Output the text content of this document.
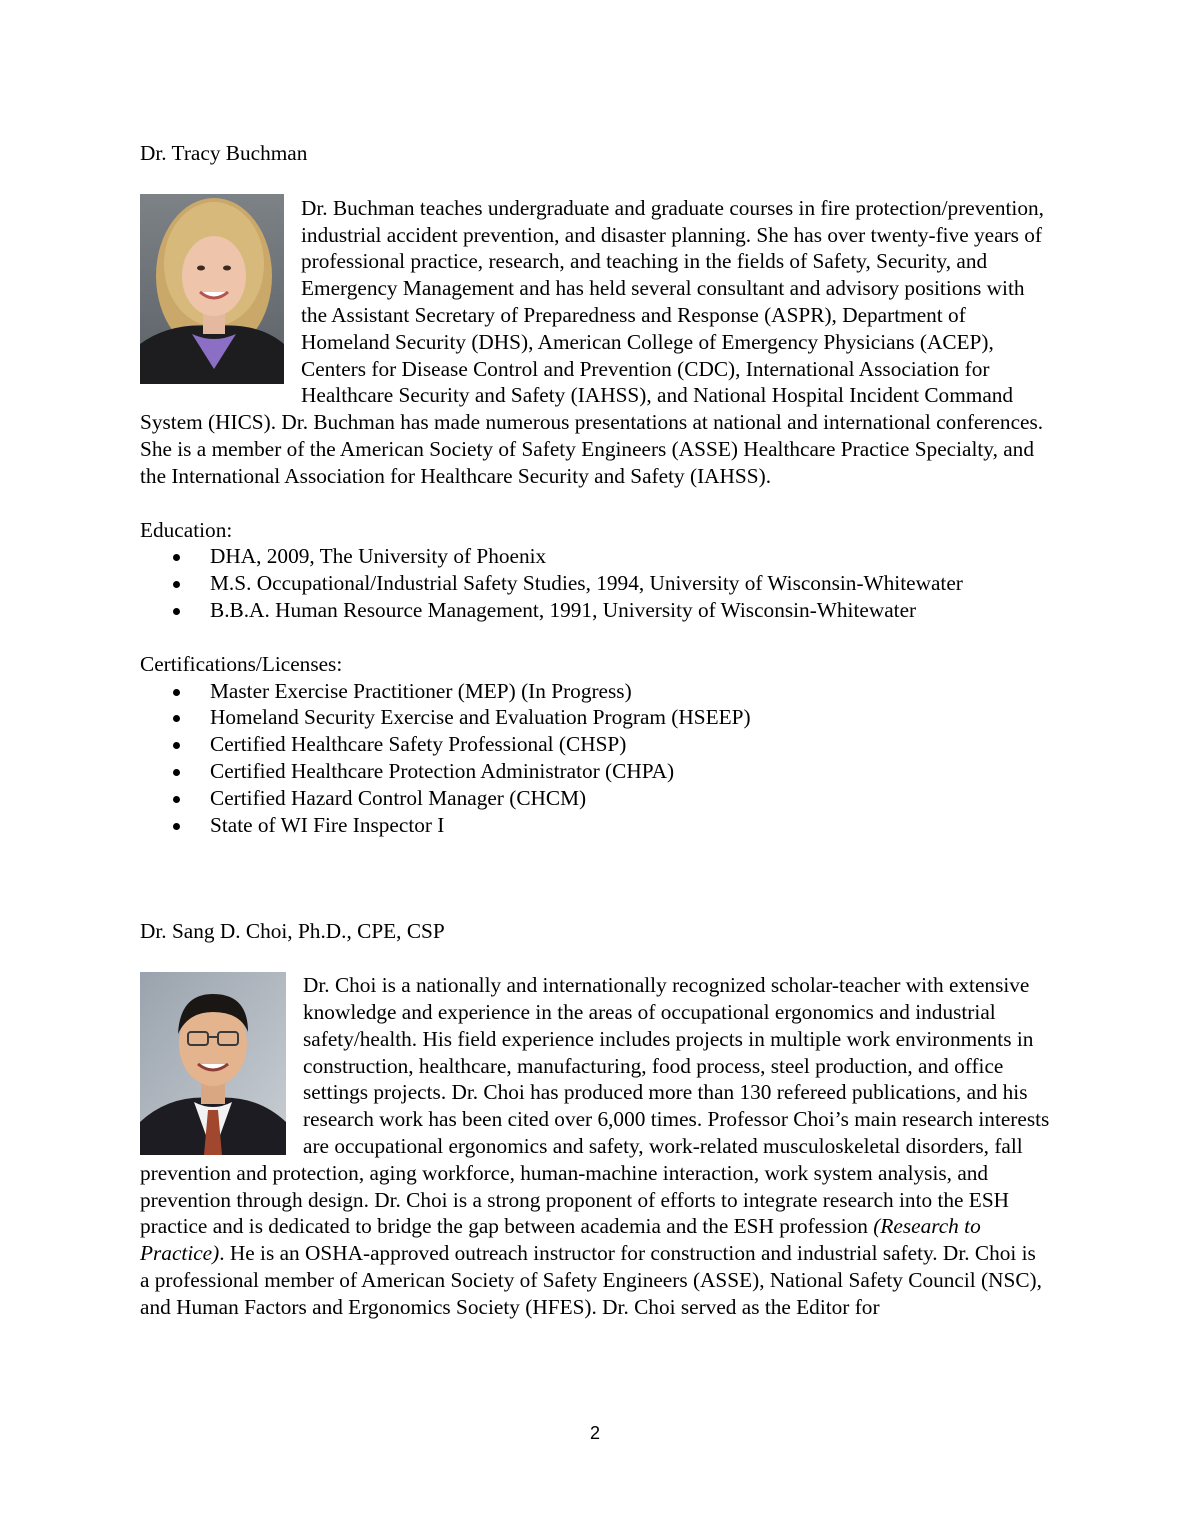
Dr. Tracy Buchman

Dr. Buchman teaches undergraduate and graduate courses in fire protection/prevention, industrial accident prevention, and disaster planning. She has over twenty-five years of professional practice, research, and teaching in the fields of Safety, Security, and Emergency Management and has held several consultant and advisory positions with the Assistant Secretary of Preparedness and Response (ASPR), Department of Homeland Security (DHS), American College of Emergency Physicians (ACEP), Centers for Disease Control and Prevention (CDC), International Association for Healthcare Security and Safety (IAHSS), and National Hospital Incident Command System (HICS). Dr. Buchman has made numerous presentations at national and international conferences. She is a member of the American Society of Safety Engineers (ASSE) Healthcare Practice Specialty, and the International Association for Healthcare Security and Safety (IAHSS).

Education:

DHA, 2009, The University of Phoenix
M.S. Occupational/Industrial Safety Studies, 1994, University of Wisconsin-Whitewater
B.B.A. Human Resource Management, 1991, University of Wisconsin-Whitewater

Certifications/Licenses:

Master Exercise Practitioner (MEP) (In Progress)
Homeland Security Exercise and Evaluation Program (HSEEP)
Certified Healthcare Safety Professional (CHSP)
Certified Healthcare Protection Administrator (CHPA)
Certified Hazard Control Manager (CHCM)
State of WI Fire Inspector I

Dr. Sang D. Choi, Ph.D., CPE, CSP

Dr. Choi is a nationally and internationally recognized scholar-teacher with extensive knowledge and experience in the areas of occupational ergonomics and industrial safety/health. His field experience includes projects in multiple work environments in construction, healthcare, manufacturing, food process, steel production, and office settings projects. Dr. Choi has produced more than 130 refereed publications, and his research work has been cited over 6,000 times. Professor Choi’s main research interests are occupational ergonomics and safety, work-related musculoskeletal disorders, fall prevention and protection, aging workforce, human-machine interaction, work system analysis, and prevention through design. Dr. Choi is a strong proponent of efforts to integrate research into the ESH practice and is dedicated to bridge the gap between academia and the ESH profession (Research to Practice). He is an OSHA-approved outreach instructor for construction and industrial safety. Dr. Choi is a professional member of American Society of Safety Engineers (ASSE), National Safety Council (NSC), and Human Factors and Ergonomics Society (HFES). Dr. Choi served as the Editor for

2
